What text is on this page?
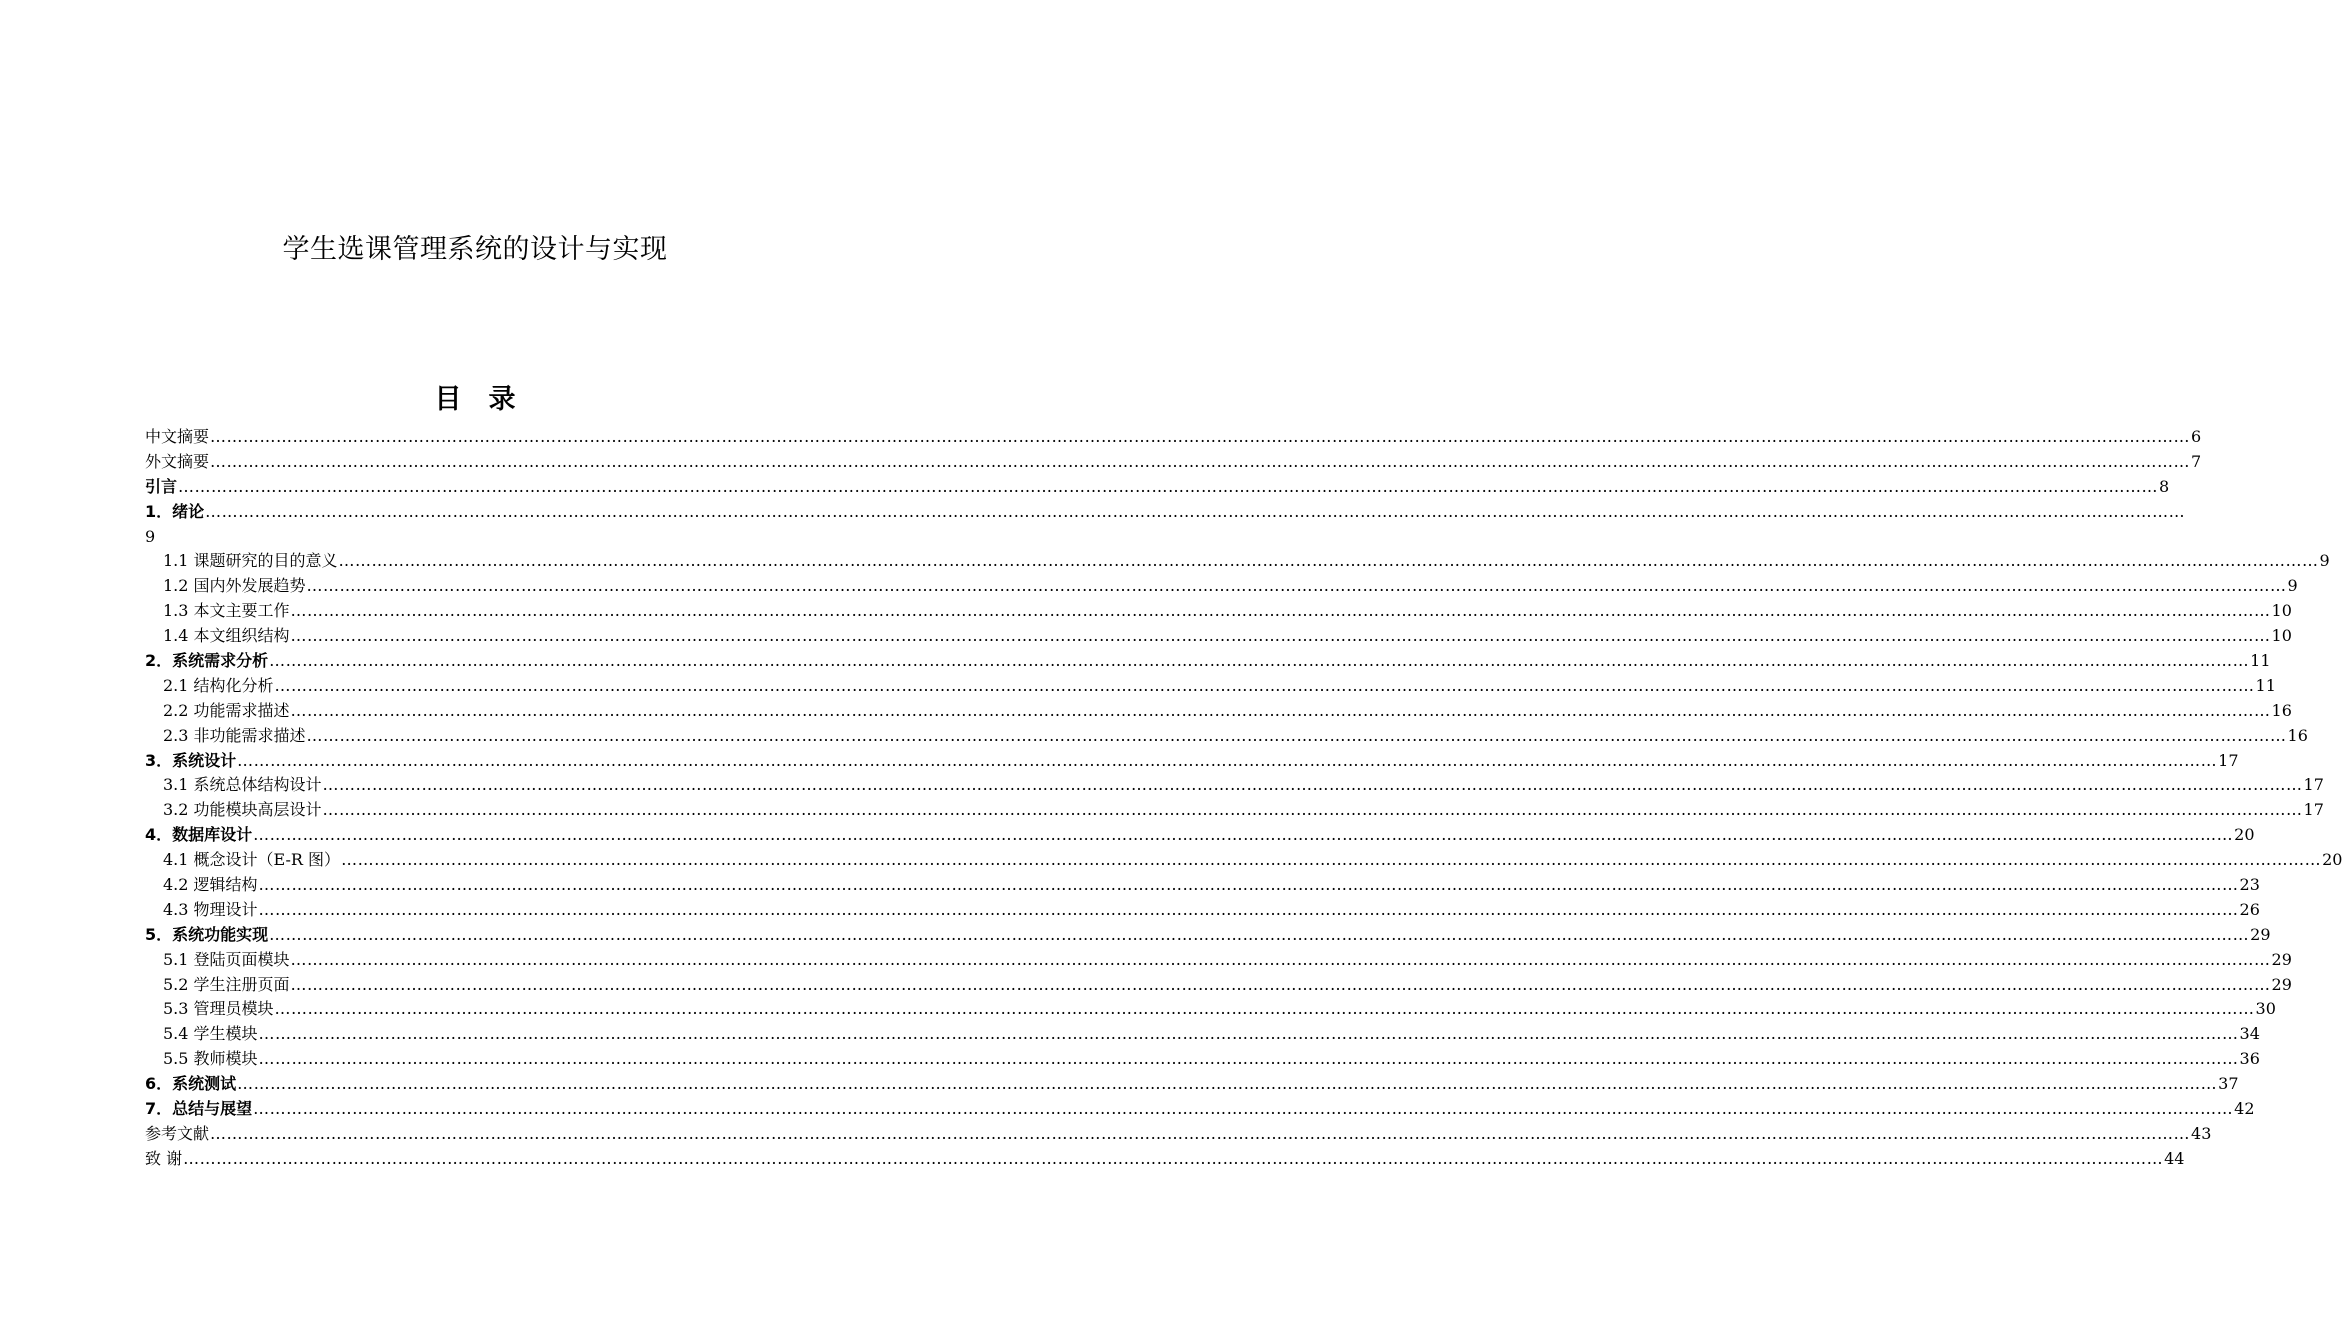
学生选课管理系统的设计与实现
目　录
中文摘要 ……………………………………………………………………………………………………………………………………………………………………………………………………………………………………………………………………………………………………………………………… 6
外文摘要 ……………………………………………………………………………………………………………………………………………………………………………………………………………………………………………………………………………………………………………………………… 7
引言 ……………………………………………………………………………………………………………………………………………………………………………………………………………………………………………………………………………………………………………………………… 8
1．绪论 ………………………………………………………………………………………………………………………………………………………………………………………………………………………………………………………………………………………………………………………………
9
1.1 课题研究的目的意义 ……………………………………………………………………………………………………………………………………………………………………………………………………………………………………………………………………………………………………………………………… 9
1.2 国内外发展趋势 ……………………………………………………………………………………………………………………………………………………………………………………………………………………………………………………………………………………………………………………………… 9
1.3 本文主要工作 ……………………………………………………………………………………………………………………………………………………………………………………………………………………………………………………………………………………………………………………………… 10
1.4 本文组织结构 ……………………………………………………………………………………………………………………………………………………………………………………………………………………………………………………………………………………………………………………………… 10
2．系统需求分析 ……………………………………………………………………………………………………………………………………………………………………………………………………………………………………………………………………………………………………………………………… 11
2.1 结构化分析 ……………………………………………………………………………………………………………………………………………………………………………………………………………………………………………………………………………………………………………………………… 11
2.2 功能需求描述 ……………………………………………………………………………………………………………………………………………………………………………………………………………………………………………………………………………………………………………………………… 16
2.3 非功能需求描述 ……………………………………………………………………………………………………………………………………………………………………………………………………………………………………………………………………………………………………………………………… 16
3．系统设计 ……………………………………………………………………………………………………………………………………………………………………………………………………………………………………………………………………………………………………………………………… 17
3.1 系统总体结构设计 ……………………………………………………………………………………………………………………………………………………………………………………………………………………………………………………………………………………………………………………………… 17
3.2 功能模块高层设计 ……………………………………………………………………………………………………………………………………………………………………………………………………………………………………………………………………………………………………………………………… 17
4．数据库设计 ……………………………………………………………………………………………………………………………………………………………………………………………………………………………………………………………………………………………………………………………… 20
4.1 概念设计（E-R 图） ……………………………………………………………………………………………………………………………………………………………………………………………………………………………………………………………………………………………………………………………… 20
4.2 逻辑结构 ……………………………………………………………………………………………………………………………………………………………………………………………………………………………………………………………………………………………………………………………… 23
4.3 物理设计 ……………………………………………………………………………………………………………………………………………………………………………………………………………………………………………………………………………………………………………………………… 26
5．系统功能实现 ……………………………………………………………………………………………………………………………………………………………………………………………………………………………………………………………………………………………………………………………… 29
5.1 登陆页面模块 ……………………………………………………………………………………………………………………………………………………………………………………………………………………………………………………………………………………………………………………………… 29
5.2 学生注册页面 ……………………………………………………………………………………………………………………………………………………………………………………………………………………………………………………………………………………………………………………………… 29
5.3 管理员模块 ……………………………………………………………………………………………………………………………………………………………………………………………………………………………………………………………………………………………………………………………… 30
5.4 学生模块 ……………………………………………………………………………………………………………………………………………………………………………………………………………………………………………………………………………………………………………………………… 34
5.5 教师模块 ……………………………………………………………………………………………………………………………………………………………………………………………………………………………………………………………………………………………………………………………… 36
6．系统测试 ……………………………………………………………………………………………………………………………………………………………………………………………………………………………………………………………………………………………………………………………… 37
7．总结与展望 ……………………………………………………………………………………………………………………………………………………………………………………………………………………………………………………………………………………………………………………………… 42
参考文献 ……………………………………………………………………………………………………………………………………………………………………………………………………………………………………………………………………………………………………………………………… 43
致 谢 ……………………………………………………………………………………………………………………………………………………………………………………………………………………………………………………………………………………………………………………………… 44
